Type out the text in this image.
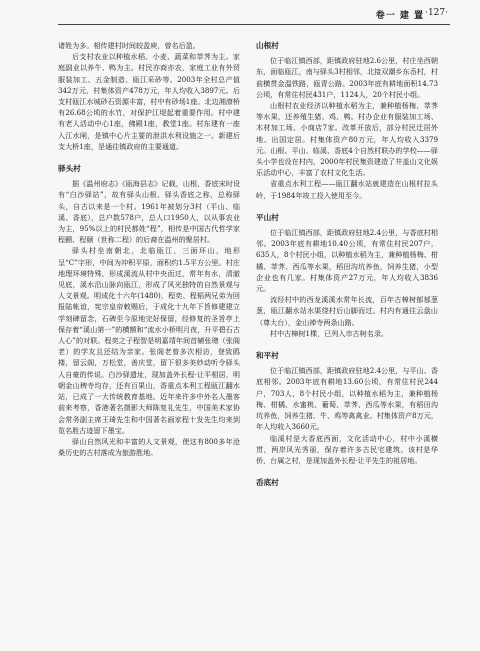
卷一 建 置 ·127·

诸姓为多。相传建村时间较盈庾，曾名后盈。

后支村农业以种植水稻、小麦、蔬菜和莘荠为主。家庭副业以养牛、鸭为主。村民亦商亦农，家庭工业有外贸服装加工、五金制造、瓯江采砂等。2003年全村总产值342万元，村集体资产478万元，年人均收入3897元。后支村瓯江水城砂石资源丰富，村中有砂场1座。北边湘潦桥有26.68公顷的水竹，对保护江堤起着重要作用。村中建有老人活动中心1座，佛殿1座，教堂1座。村东建有一座入江水闸，是镇中心片主要的泄洪水利设施之一。新建后支大桥1座，是通往镇政府的主要通道。

驿头村

据《温州府志》《瓯海县志》记载，山根、香底宋时设有“白沙驿站”，故有驿头山根、驿头香底之称，总称驿头，自古以来是一个村。1961年被划分3村（平山、临溪、香底），总户数578户，总人口1950人，以从事农业为主，95%以上的村民都姓“程”，相传是中国古代哲学家程颢、程颐（世称二程）的后裔在温州的聚居村。

驿头村坐南朝北，北临瓯江，三面环山，地形呈“C”字形，中间为冲积平原，面积约1.5平方公里。村庄地理环境特殊，形成溪流从村中央而过，常年有水，清澈见底，溪水沿山脉向瓯江，形成了风光独特的自然景观与人文景观。明成化十六年(1480)，程奕、程韬两兄弟为回报陆帐谊，宪宗皇帝敕赐后，于成化十九年下旨修建建立学刻碑留念，石碑至今原地完好保留，经修复的圣旨亭上保存着“溪山第一”的横额和“流水小桥明月夜，升平碧石古人心”的对联。程奕之子程智是明嘉靖年间首辅张璁（张阁老）的学友且还结为亲家。张阁老曾多次相访，登致鸥楼，留云阁，万松堂，善庆堂，留下很多美妙动听令驿头人自豪的传说。白沙驿遗址，现加盖外长程·让平相居，明朝金山稗寺均存，还有百果山，香重点本利工程瓯江翻水站，已成了一大传统教育基地。近年来许多中外名人墨客前来考察，香港著名摄影大师陈复礼先生，中国美术家协会常务副主席王琦先生和中国著名画家程十发先生均来到览名胜古迹留下墨宝。

驿山自然风光和丰富的人文景观，使这有800多年沧桑历史的古村落成为旅游胜地。

山根村

位于临江镇西部，距镇政府驻地2.6公里，村庄坐西朝东，面临瓯江，南与驿头3村相邻，北接双潮乡东岙村，村前横贯金温铁路，瓯青公路。2003年底有耕地面积14.73公顷，有常住村民431户，1124人，20个村民小组。

山根村农业经济以种植水稻为主，兼种植杨梅、莘荠等水果，还养殖生猪、鸡、鸭。村办企业有服装加工场、木材加工场、小商店7家。改革开放后，部分村民迁居外地、出国定居。村集体资产80万元，年人均收入3379元。山根、平山、临溪、香底4个自然村联办的学校——驿头小学也设在村内，2000年村民集资建造了井盖山文化娱乐活动中心，丰富了农村文化生活。

省重点水利工程——瓯江翻水站就建造在山根村拉头岭，于1984年竣工投入使用至今。

平山村

位于临江镇西部，距镇政府驻地2.4公里，与香底村相邻。2003年底有耕地10.40公顷，有常住村民207户，635人，8个村民小组，以种植水稻为主，兼种植杨梅、柑橘、莘荠、西瓜等水果，稻田沟坑养鱼，饲养生猪，小型企业也有几家。村集体资产27万元，年人均收入3836元。

流经村中的西龙溪溪水常年长流，百年古樟树郁郁葱葱，瓯江翻水站水渠绕村后山脚而过。村内有通往云盘山（尊大台），金山禅寺两条山路。

村中古樟树1棵，已列入市古树名录。

和平村

位于临江镇西部，距镇政府驻地2.4公里，与平山、香底相邻。2003年底有耕地13.60公顷，有常住村民244户，703人，8个村民小组，以种植水稻为主，兼种植杨梅、柑橘、水蜜桃、葡萄、莘荠、西瓜等水果，有稻田沟坑养鱼，饲养生猪、牛、鸡等禽禽业。村集体资产8万元，年人均收入3660元。

临溪村是大香底西面，文化活动中心，村中小溪横贯，两岸风光秀丽，保存着许多古民宅建筑。该村是华侨，台属之村，是现加盖外长程·让平先生的祖居地。

岙底村
